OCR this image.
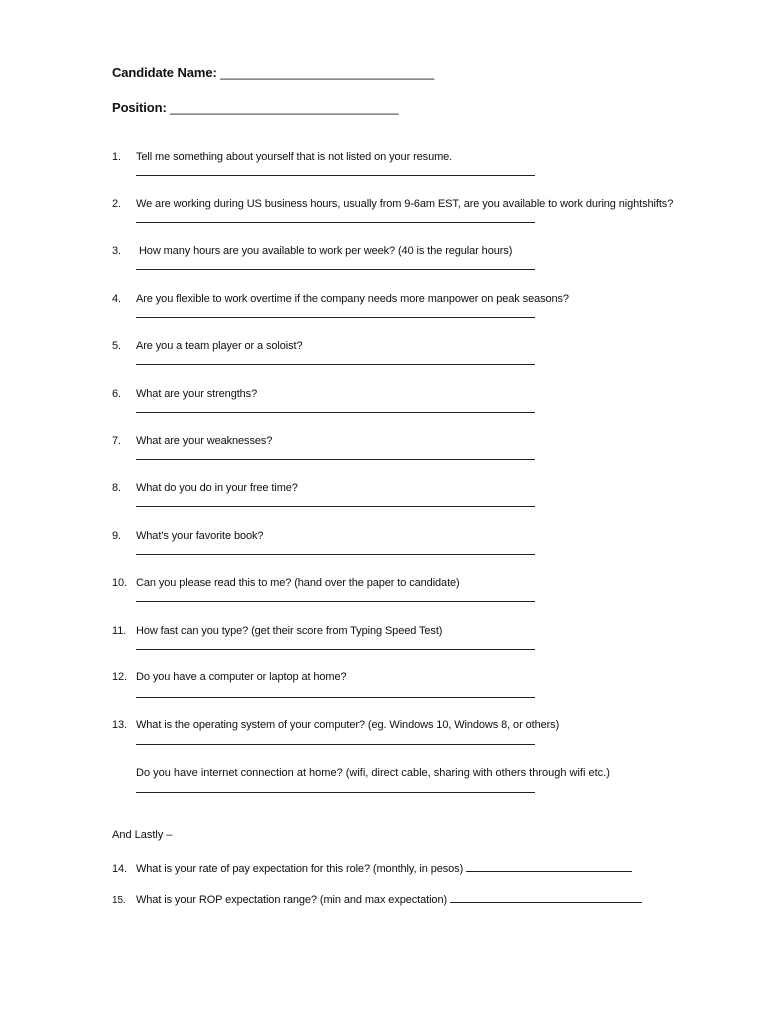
Candidate Name: ______________________________
Position: ________________________________
1. Tell me something about yourself that is not listed on your resume.
2. We are working during US business hours, usually from 9-6am EST, are you available to work during nightshifts?
3. How many hours are you available to work per week? (40 is the regular hours)
4. Are you flexible to work overtime if the company needs more manpower on peak seasons?
5. Are you a team player or a soloist?
6. What are your strengths?
7. What are your weaknesses?
8. What do you do in your free time?
9. What’s your favorite book?
10. Can you please read this to me? (hand over the paper to candidate)
11. How fast can you type? (get their score from Typing Speed Test)
12. Do you have a computer or laptop at home?
13. What is the operating system of your computer? (eg. Windows 10, Windows 8, or others)
Do you have internet connection at home? (wifi, direct cable, sharing with others through wifi etc.)
And Lastly –
14. What is your rate of pay expectation for this role? (monthly, in pesos)
15. What is your ROP expectation range? (min and max expectation)
